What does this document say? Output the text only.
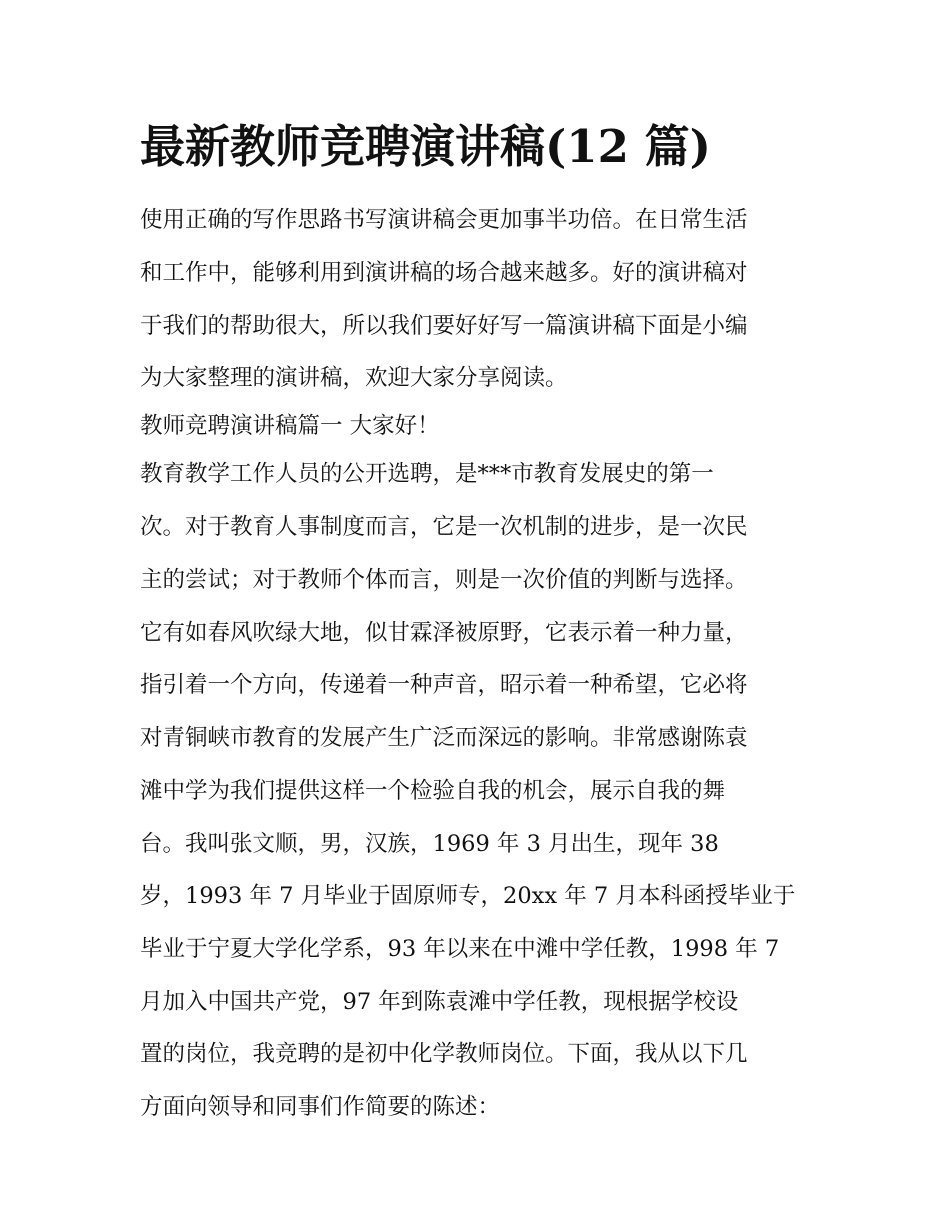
最新教师竞聘演讲稿(12 篇)

使用正确的写作思路书写演讲稿会更加事半功倍。在日常生活

和工作中，能够利用到演讲稿的场合越来越多。好的演讲稿对

于我们的帮助很大，所以我们要好好写一篇演讲稿下面是小编

为大家整理的演讲稿，欢迎大家分享阅读。

教师竞聘演讲稿篇一 大家好！

教育教学工作人员的公开选聘，是***市教育发展史的第一

次。对于教育人事制度而言，它是一次机制的进步，是一次民

主的尝试；对于教师个体而言，则是一次价值的判断与选择。

它有如春风吹绿大地，似甘霖泽被原野，它表示着一种力量，

指引着一个方向，传递着一种声音，昭示着一种希望，它必将

对青铜峡市教育的发展产生广泛而深远的影响。非常感谢陈袁

滩中学为我们提供这样一个检验自我的机会，展示自我的舞

台。我叫张文顺，男，汉族，1969 年 3 月出生，现年 38

岁，1993 年 7 月毕业于固原师专，20xx 年 7 月本科函授毕业于

毕业于宁夏大学化学系，93 年以来在中滩中学任教，1998 年 7

月加入中国共产党，97 年到陈袁滩中学任教，现根据学校设

置的岗位，我竞聘的是初中化学教师岗位。下面，我从以下几

方面向领导和同事们作简要的陈述：
